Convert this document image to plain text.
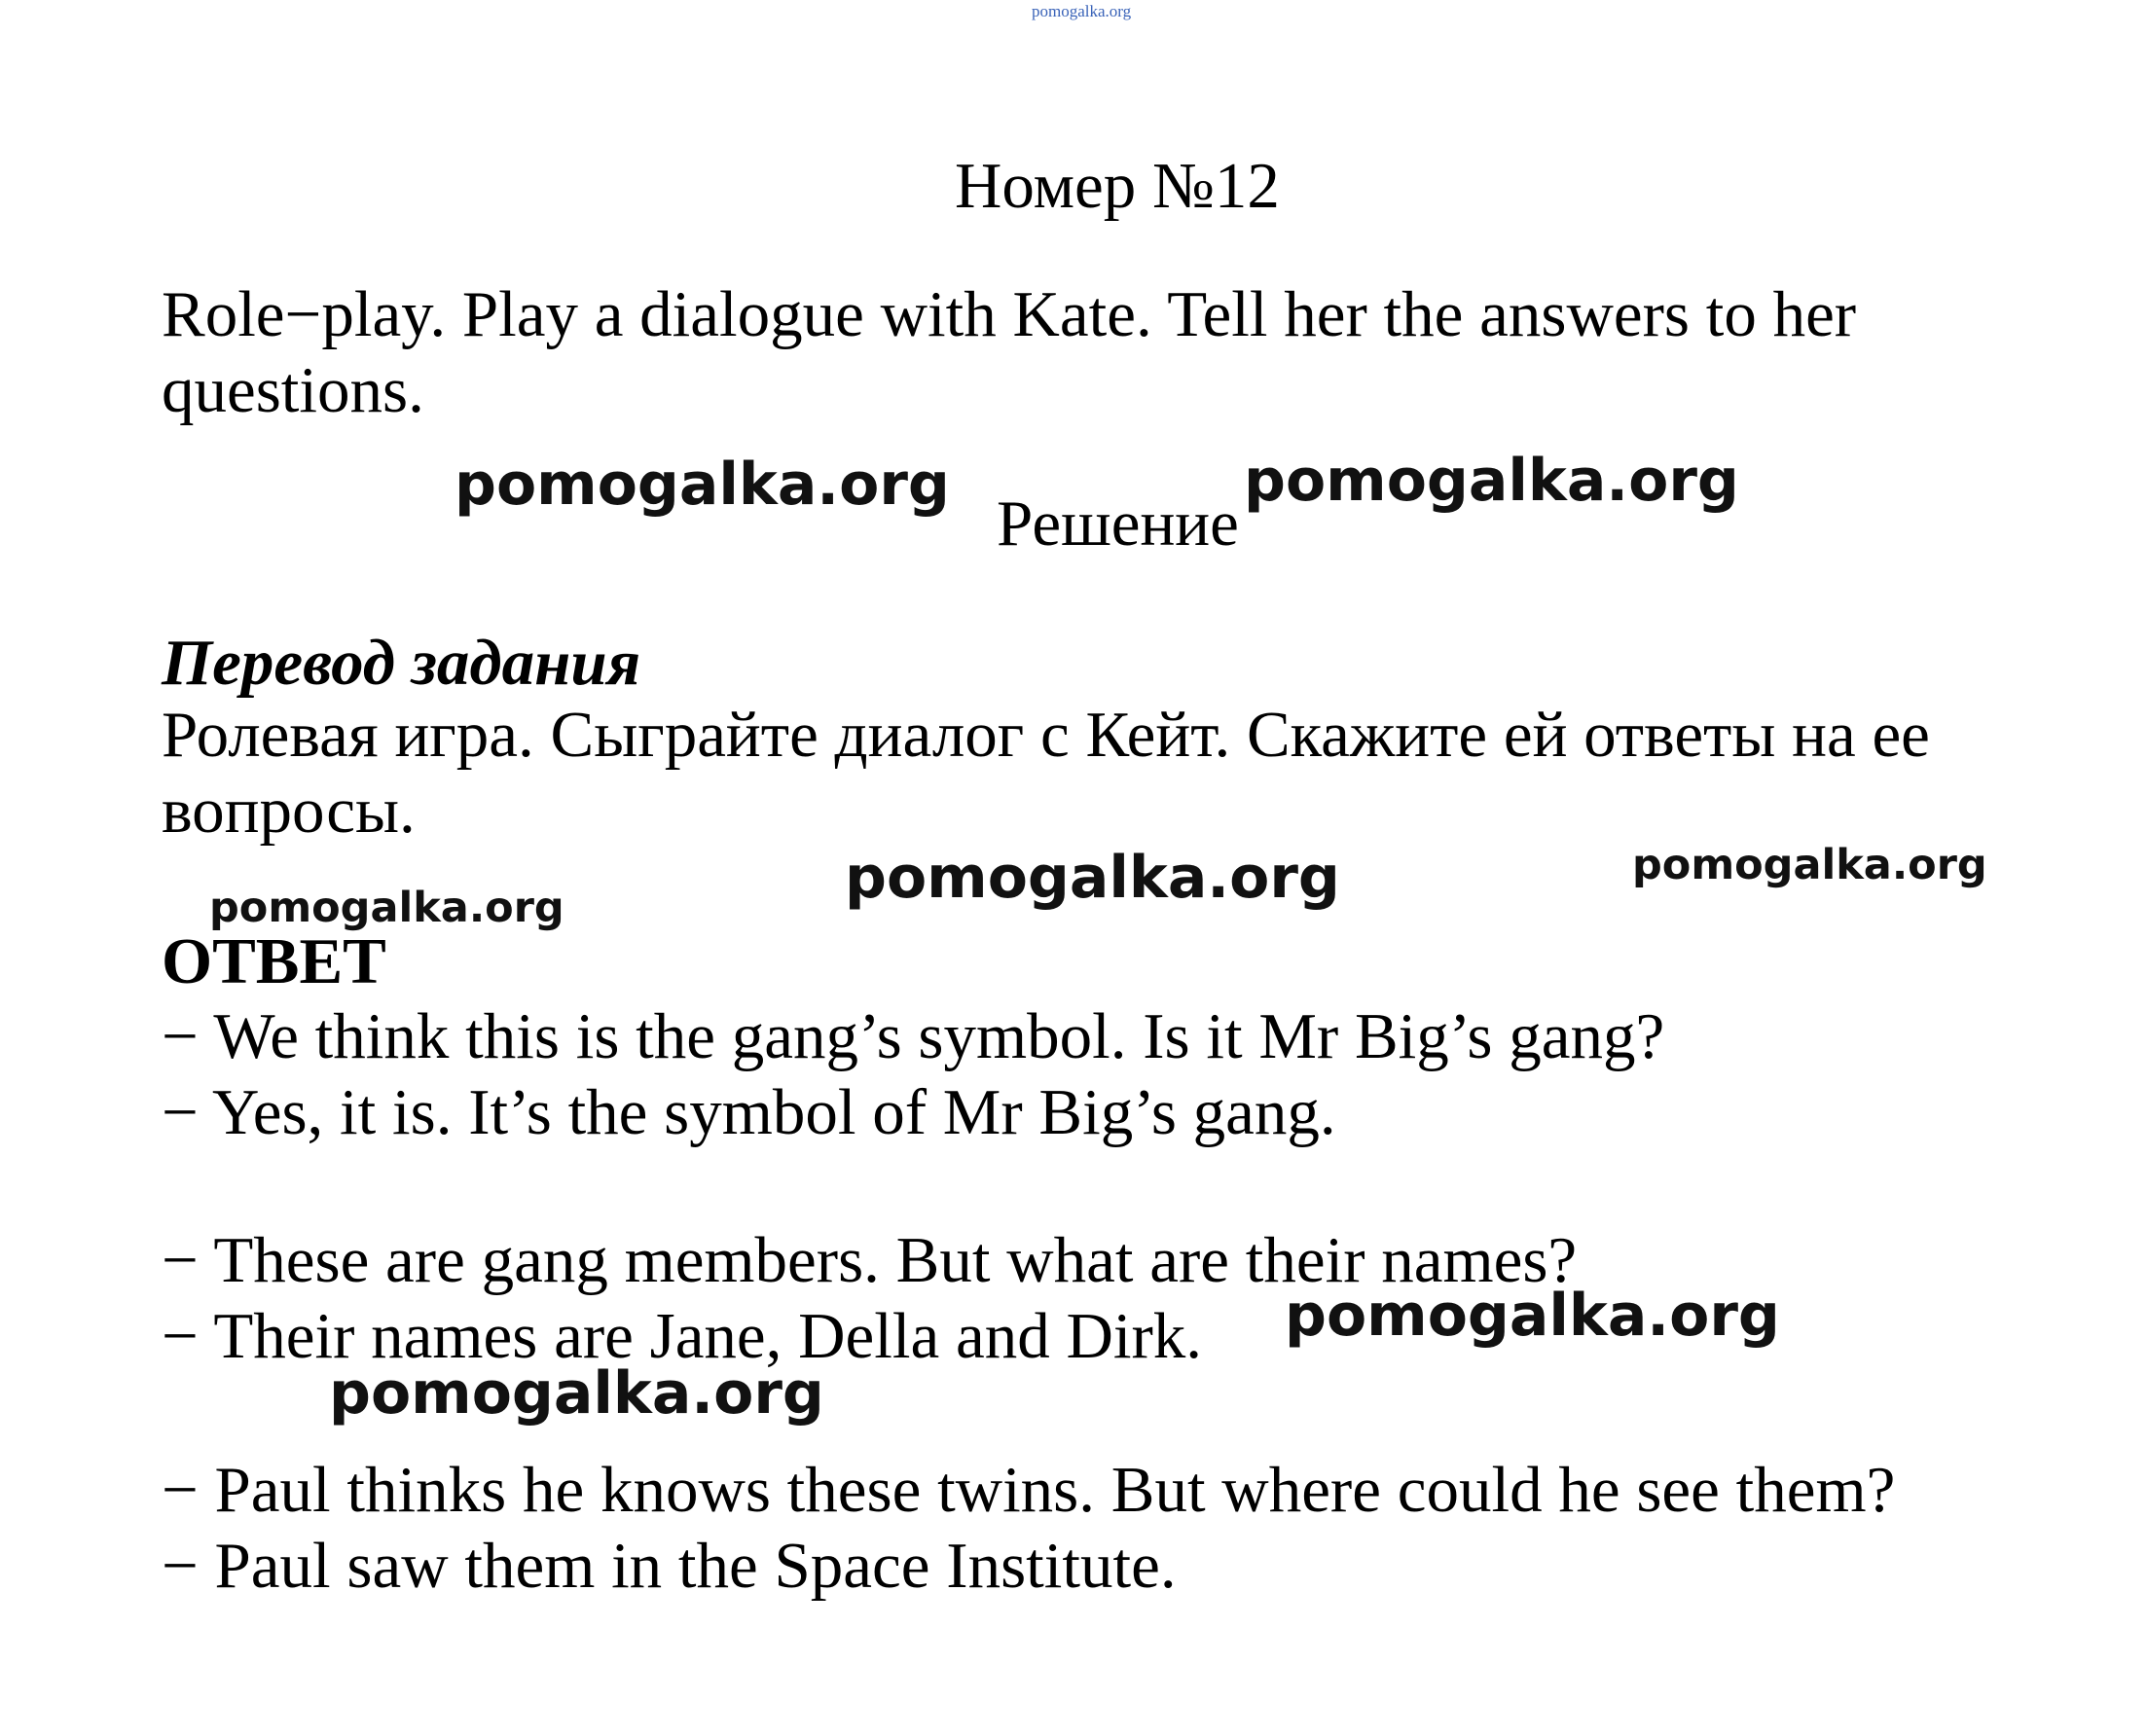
pomogalka.org
Номер №12
Role−play. Play a dialogue with Kate. Tell her the answers to her
questions.
Решение
Перевод задания
Ролевая игра. Сыграйте диалог с Кейт. Скажите ей ответы на ее
вопросы.
ОТВЕТ
− We think this is the gang’s symbol. Is it Mr Big’s gang?
− Yes, it is. It’s the symbol of Mr Big’s gang.
− These are gang members. But what are their names?
− Their names are Jane, Della and Dirk.
− Paul thinks he knows these twins. But where could he see them?
− Paul saw them in the Space Institute.
pomogalka.org	pomogalka.org
pomogalka.org	pomogalka.org
pomogalka.org
pomogalka.org
pomogalka.org
